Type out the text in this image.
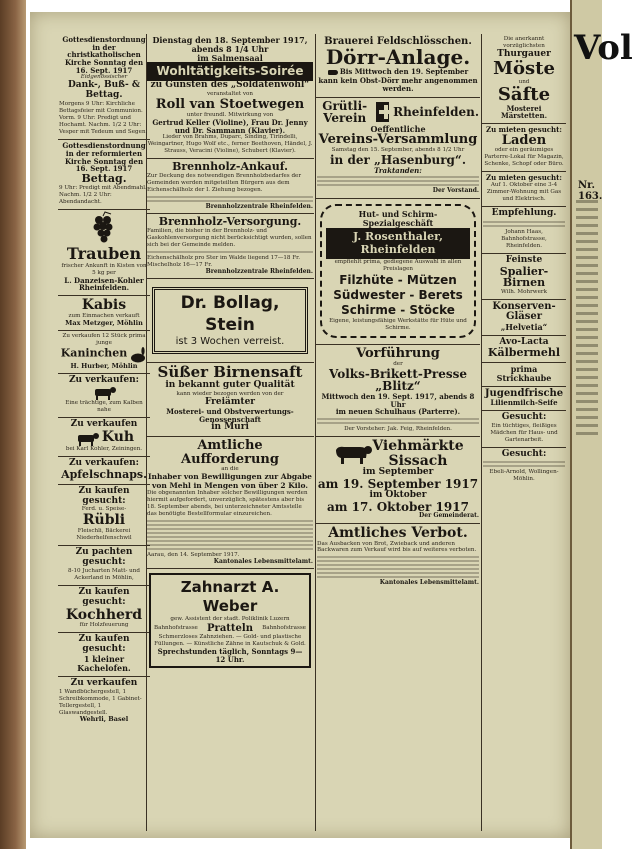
Vol
Nr. 163.
Gottesdienstordnung in der christkatholischen Kirche Sonntag den 16. Sept. 1917
Eidgenössischer
Dank-, Buß- & Bettag.
Morgens 9 Uhr: Kirchliche Bettagsfeier mit Communion. Vorm. 9 Uhr: Predigt und Hochamt. Nachm. 1/2 2 Uhr: Vesper mit Tedeum und Segen.
Gottesdienstordnung in der reformierten Kirche Sonntag den 16. Sept. 1917
Bettag.
9 Uhr: Predigt mit Abendmahl. Nachm. 1/2 2 Uhr: Abendandacht.
Trauben
frischer Ankunft in Kisten von 5 kg per
L. Danzeisen-Kohler Rheinfelden.
Kabis
zum Einmachen verkauft
Max Metzger, Möhlin
Zu verkaufen 12 Stück prima junge
Kaninchen
H. Hurber, Möhlin
Zu verkaufen:
Eine trächtige, zum Kalben nahe
Zu verkaufen
Kuh
bei Karl Kohler, Zeiningen.
Zu verkaufen:
Apfelschnaps.
Zu kaufen gesucht:
Ferd. u. Speise-
Rübli
Fleischli, Bäckerei Niederhelfenschwil
Zu pachten gesucht:
8-10 Jucharten Matt- und Ackerland in Möhlin,
Zu kaufen gesucht:
Kochherd
für Holzfeuerung
Zu kaufen gesucht:
1 kleiner Kachelofen.
Zu verkaufen
1 Wandbüchergestell, 1 Schreibkommode, 1 Gabinet-Tellergestell, 1 Glaswandgestell.
Wehrli, Basel
Dienstag den 18. September 1917, abends 8 1/4 Uhr
im Salmensaal
Wohltätigkeits-Soirée
zu Gunsten des „Soldatenwohl“
veranstaltet von
Roll van Stoetwegen
unter freundl. Mitwirkung von
Gertrud Keller (Violine), Frau Dr. Jenny und Dr. Sammann (Klavier).
Lieder von Brahms, Duparc, Sinding, Tirindelli, Weingartner, Hugo Wolf etc., ferner Beethoven, Händel, J. Strauss, Veracini (Violine), Schubert (Klavier).
Brennholz-Ankauf.
Zur Deckung des notwendigen Brennholzbedarfes der Gemeinden werden mitgeteilten Bürgern aus dem Eichenschälholz der I. Ziehung bezogen.
Brennholzzentrale Rheinfelden.
Brennholz-Versorgung.
Familien, die bisher in der Brennholz- und Gaskohlenversorgung nicht berücksichtigt wurden, sollen sich bei der Gemeinde melden.
Eichenschälholz pro Ster im Walde liegend 17—18 Fr. Mischelholz 16—17 Fr.
Brennholzzentrale Rheinfelden.
Dr. Bollag, Stein
ist 3 Wochen verreist.
Süßer Birnensaft
in bekannt guter Qualität
kann wieder bezogen werden von der
Freiämter
Mosterei- und Obstverwertungs-Genossenschaft
in Muri
Amtliche Aufforderung
an die
Inhaber von Bewilligungen zur Abgabe von Mehl in Mengen von über 2 Kilo.
Die obgenannten Inhaber solcher Bewilligungen werden hiermit aufgefordert, unverzüglich, spätestens aber bis 18. September abends, bei unterzeichneter Amtsstelle das benötigte Bestellformular einzureichen.
Aarau, den 14. September 1917.
Kantonales Lebensmittelamt.
Zahnarzt A. Weber
gew. Assistent der stadt. Poliklinik Luzern
Bahnhofstrasse Pratteln Bahnhofstrasse
Schmerzloses Zahnziehen. — Gold- und plastische Füllungen. — Künstliche Zähne in Kautschuk & Gold.
Sprechstunden täglich, Sonntags 9—12 Uhr.
Brauerei Feldschlösschen.
Dörr-Anlage.
Bis Mittwoch den 19. September kann kein Obst-Dörr mehr angenommen werden.
Grütli-Verein	Rheinfelden.
Oeffentliche
Vereins-Versammlung
Samstag den 15. September, abends 8 1/2 Uhr
in der „Hasenburg“.
Traktanden:
Der Vorstand.
Hut- und Schirm-Spezialgeschäft
J. Rosenthaler, Rheinfelden
empfiehlt prima, gediegene Auswahl in allen Preislagen
Filzhüte - Mützen
Südwester - Berets
Schirme - Stöcke
Eigene, leistungsfähige Werkstätte für Hüte und Schirme.
Vorführung
der
Volks-Brikett-Presse „Blitz“
Mittwoch den 19. Sept. 1917, abends 8 Uhr
im neuen Schulhaus (Parterre).
Der Vorsteher: Jak. Feig, Rheinfelden.
Viehmärkte
Sissach
im September
am 19. September 1917
im Oktober
am 17. Oktober 1917
Der Gemeinderat.
Amtliches Verbot.
Das Ausbacken von Brot, Zwieback und anderen Backwaren zum Verkauf wird bis auf weiteres verboten.
Kantonales Lebensmittelamt.
Die anerkannt vorzüglichsten
Thurgauer
Möste
und
Säfte
Mosterei Märstetten.
Zu mieten gesucht:
Laden
oder ein geräumiges Parterre-Lokal für Magazin, Schenke, Schopf oder Büro.
Zu mieten gesucht:
Auf 1. Oktober eine 3-4 Zimmer-Wohnung mit Gas und Elektrisch.
Empfehlung.
Johann Haas, Bahnhofstrasse, Rheinfelden.
Feinste
Spalier-Birnen
Wilh. Mohrwerk
Konserven-Gläser
„Helvetia“
Avo-Lacta
Kälbermehl
prima Strickhaube
Jugendfrische
Lilienmilch-Seife
Gesucht:
Ein tüchtiges, fleißiges Mädchen für Haus- und Gartenarbeit.
Gesucht:
Ebeli-Arnold, Wollingen-Möhlin.
